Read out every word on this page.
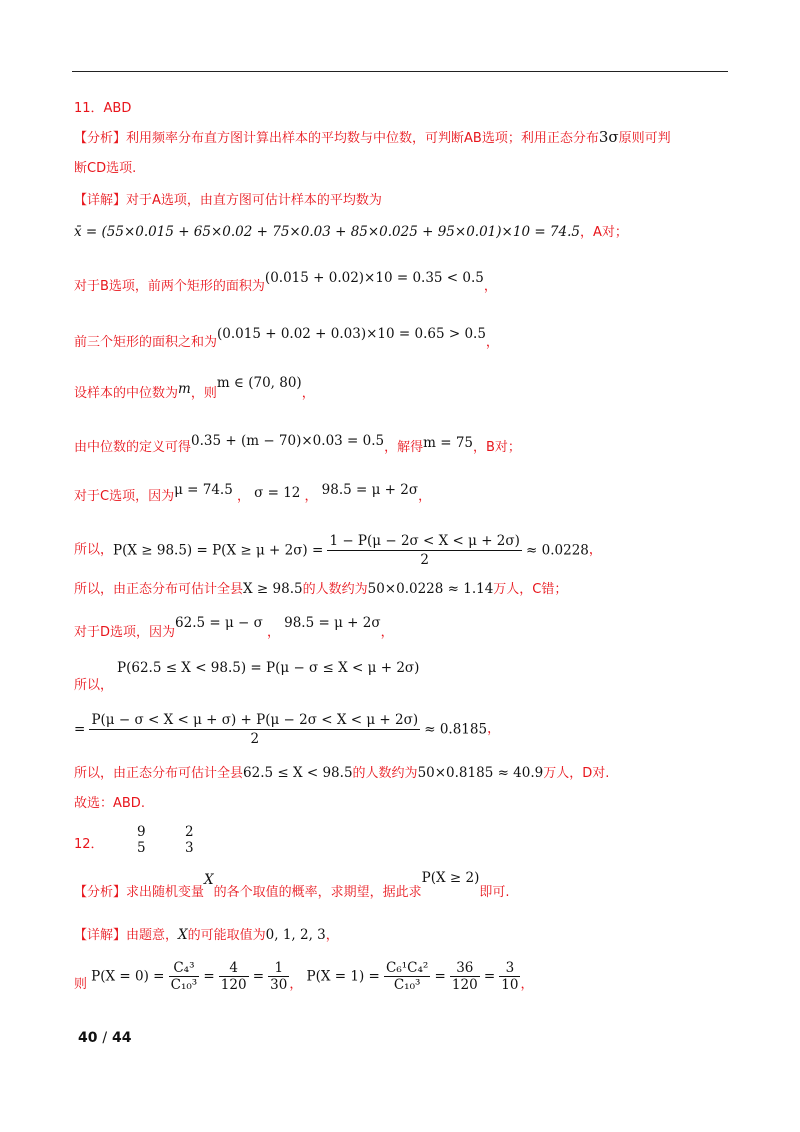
11．ABD
【分析】利用频率分布直方图计算出样本的平均数与中位数，可判断AB选项；利用正态分布3σ原则可判
断CD选项.
【详解】对于A选项，由直方图可估计样本的平均数为
x̄ = (55×0.015 + 65×0.02 + 75×0.03 + 85×0.025 + 95×0.01)×10 = 74.5，A对；
对于B选项，前两个矩形的面积为(0.015 + 0.02)×10 = 0.35 < 0.5，
前三个矩形的面积之和为(0.015 + 0.02 + 0.03)×10 = 0.65 > 0.5，
设样本的中位数为m，则m ∈ (70, 80)，
由中位数的定义可得0.35 + (m − 70)×0.03 = 0.5，解得m = 75，B对；
对于C选项，因为μ = 74.5 ， σ = 12 ， 98.5 = μ + 2σ，
所以，$P(X \ge 98.5) = P(X \ge \mu + 2\sigma) = \frac{1 - P(\mu - 2\sigma < X < \mu + 2\sigma)}{2} \approx 0.0228$，
所以，由正态分布可估计全县X ≥ 98.5的人数约为50×0.0228 ≈ 1.14万人，C错；
对于D选项，因为62.5 = μ − σ ， 98.5 = μ + 2σ，
P(62.5 ≤ X < 98.5) = P(μ − σ ≤ X < μ + 2σ)
所以，
= $\frac{P(\mu - \sigma < X < \mu + \sigma) + P(\mu - 2\sigma < X < \mu + 2\sigma)}{2} \approx 0.8185$，
所以，由正态分布可估计全县62.5 ≤ X < 98.5的人数约为50×0.8185 ≈ 40.9万人，D对.
故选：ABD.
12．
9
5
2
3
【分析】求出随机变量X的各个取值的概率，求期望，据此求P(X ≥ 2)即可.
【详解】由题意，X的可能取值为0, 1, 2, 3，
则 $P(X = 0) = \frac{\text{C₄³}}{\text{C₁₀³}} = \frac{4}{120} = \frac{1}{30}$ ， $P(X = 1) = \frac{\text{C₆¹C₄²}}{\text{C₁₀³}} = \frac{36}{120} = \frac{3}{10}$ ，
40 / 44
